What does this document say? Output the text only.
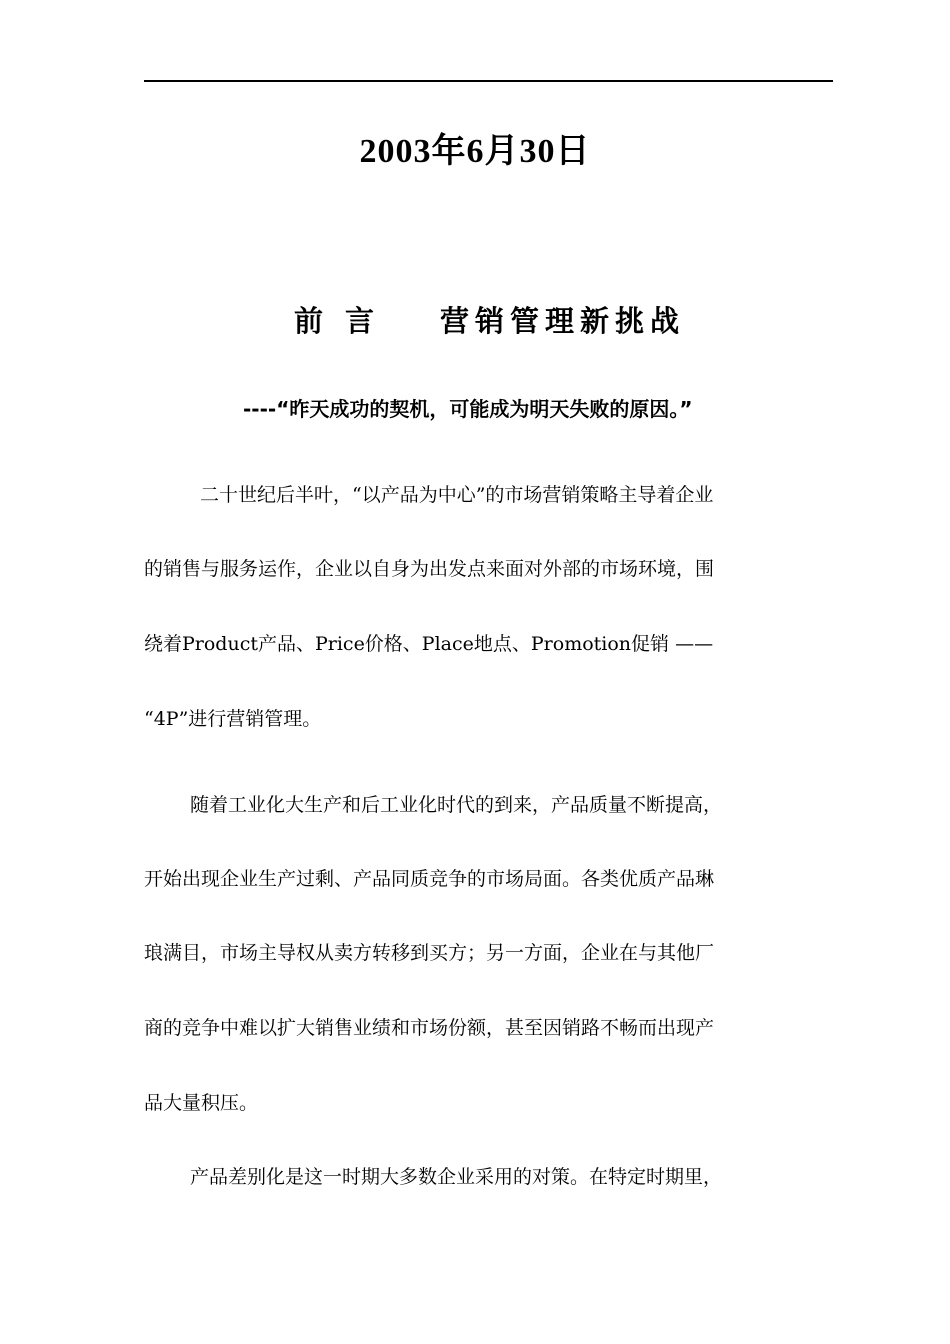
2003年6月30日
前言 营销管理新挑战
----“昨天成功的契机，可能成为明天失败的原因。”
二十世纪后半叶，“以产品为中心”的市场营销策略主导着企业
的销售与服务运作，企业以自身为出发点来面对外部的市场环境，围
绕着Product产品、Price价格、Place地点、Promotion促销 ——
“4P”进行营销管理。
随着工业化大生产和后工业化时代的到来，产品质量不断提高，
开始出现企业生产过剩、产品同质竞争的市场局面。各类优质产品琳
琅满目，市场主导权从卖方转移到买方；另一方面，企业在与其他厂
商的竞争中难以扩大销售业绩和市场份额，甚至因销路不畅而出现产
品大量积压。
产品差别化是这一时期大多数企业采用的对策。在特定时期里，
